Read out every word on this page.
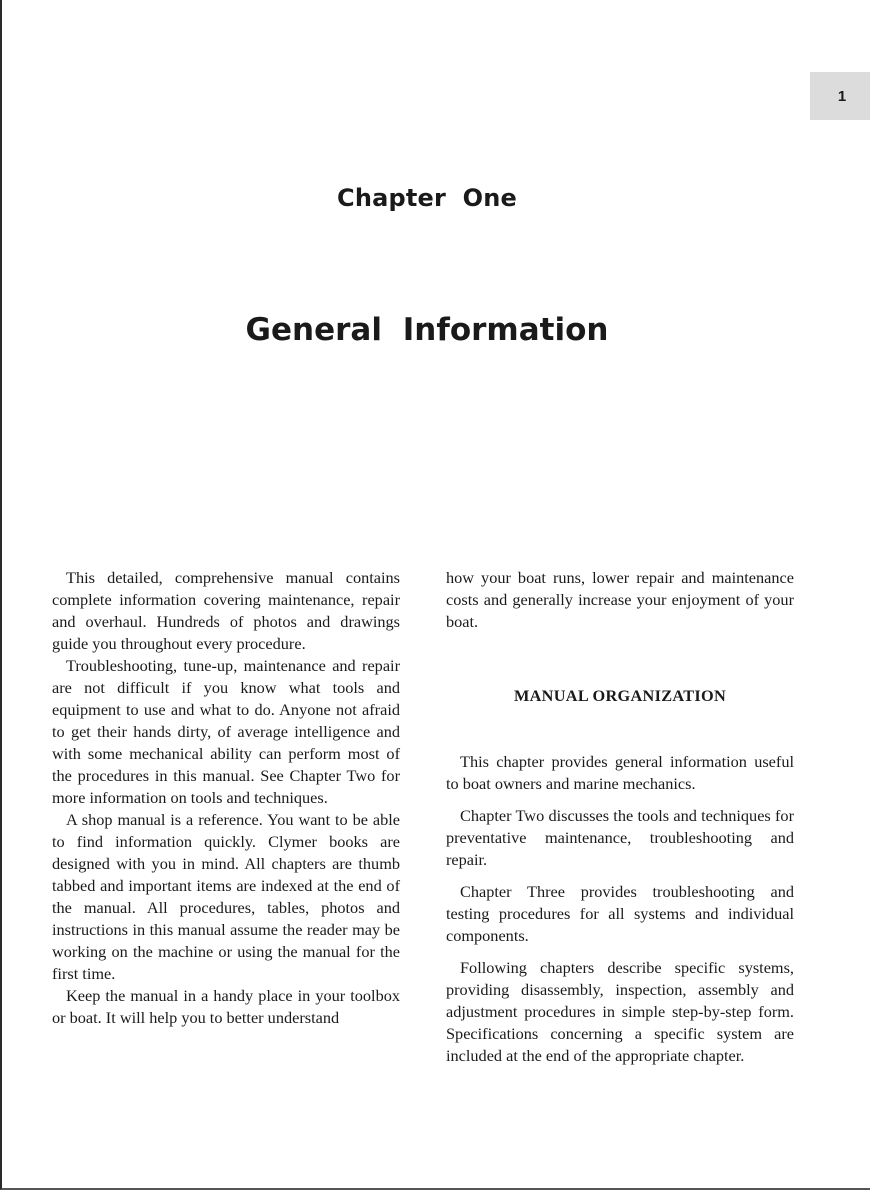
1
Chapter One
General Information

This detailed, comprehensive manual contains complete information covering maintenance, repair and overhaul. Hundreds of photos and drawings guide you throughout every procedure.

Troubleshooting, tune-up, maintenance and repair are not difficult if you know what tools and equipment to use and what to do. Anyone not afraid to get their hands dirty, of average intelligence and with some mechanical ability can perform most of the procedures in this manual. See Chapter Two for more information on tools and techniques.

A shop manual is a reference. You want to be able to find information quickly. Clymer books are designed with you in mind. All chapters are thumb tabbed and important items are indexed at the end of the manual. All procedures, tables, photos and instructions in this manual assume the reader may be working on the machine or using the manual for the first time.

Keep the manual in a handy place in your toolbox or boat. It will help you to better understand

how your boat runs, lower repair and maintenance costs and generally increase your enjoyment of your boat.

MANUAL ORGANIZATION

This chapter provides general information useful to boat owners and marine mechanics.

Chapter Two discusses the tools and techniques for preventative maintenance, troubleshooting and repair.

Chapter Three provides troubleshooting and testing procedures for all systems and individual components.

Following chapters describe specific systems, providing disassembly, inspection, assembly and adjustment procedures in simple step-by-step form. Specifications concerning a specific system are included at the end of the appropriate chapter.
